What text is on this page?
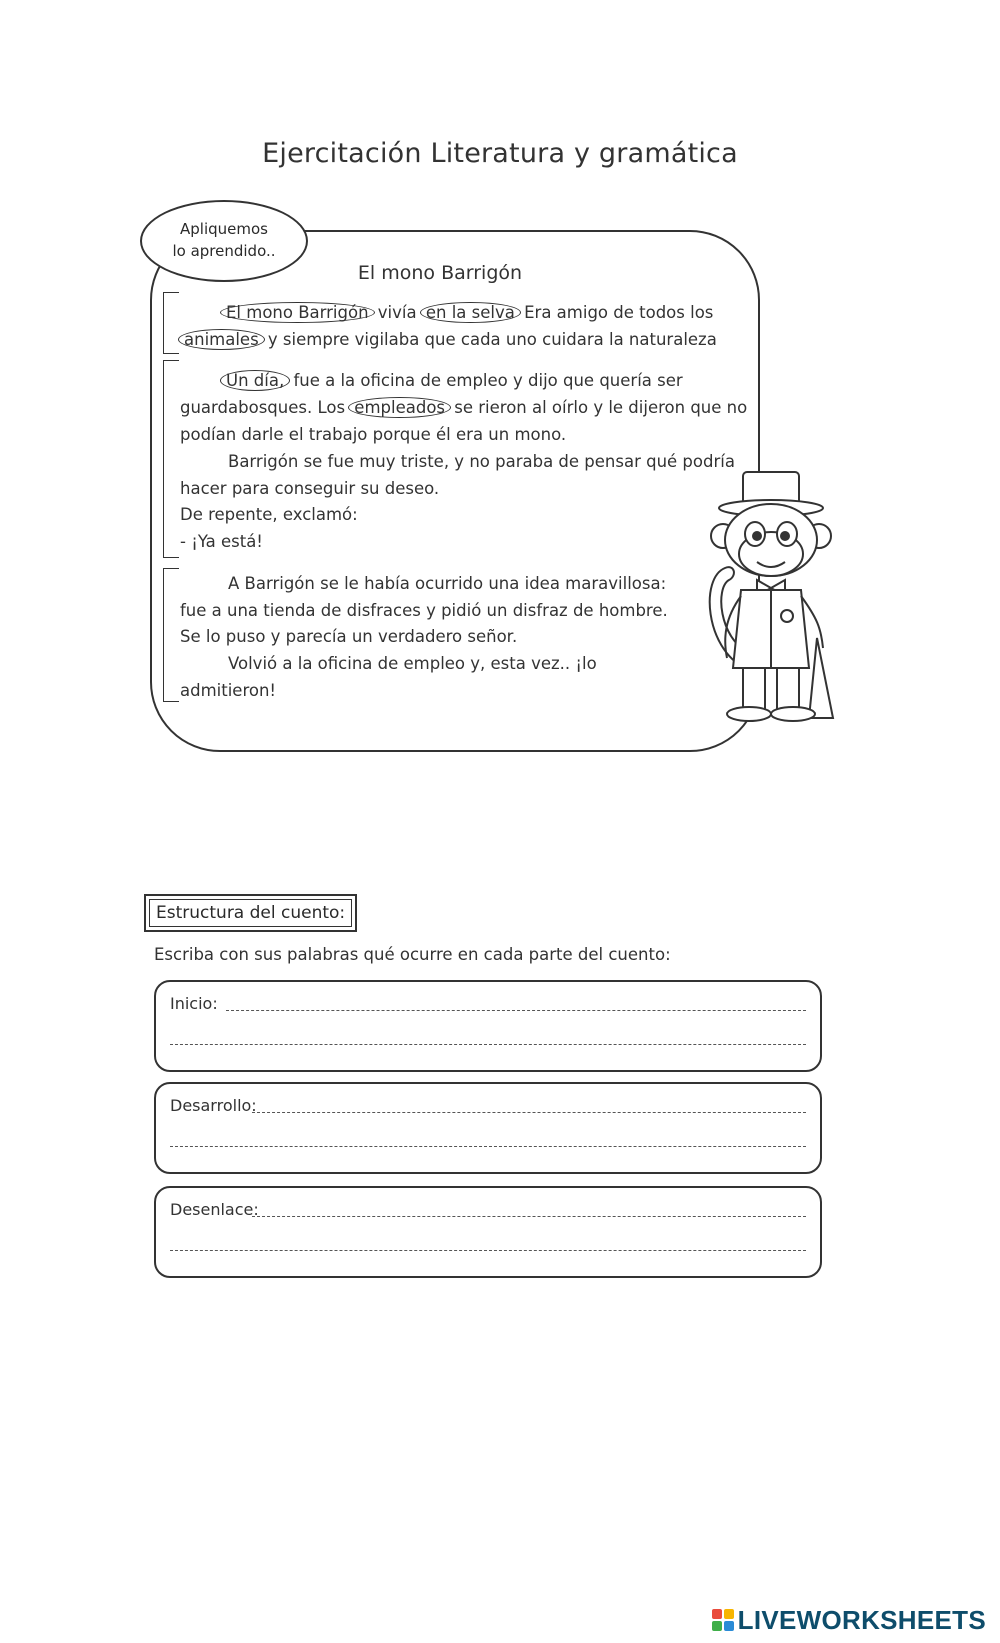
Ejercitación Literatura y gramática
Apliquemos
lo aprendido..
El mono Barrigón
El mono Barrigón vivía en la selva Era amigo de todos los
animales y siempre vigilaba que cada uno cuidara la naturaleza
Un día, fue a la oficina de empleo y dijo que quería ser
guardabosques. Los empleados se rieron al oírlo y le dijeron que no
podían darle el trabajo porque él era un mono.
Barrigón se fue muy triste, y no paraba de pensar qué podría
hacer para conseguir su deseo.
De repente, exclamó:
- ¡Ya está!
A Barrigón se le había ocurrido una idea maravillosa:
fue a una tienda de disfraces y pidió un disfraz de hombre.
Se lo puso y parecía un verdadero señor.
Volvió a la oficina de empleo y, esta vez.. ¡lo
admitieron!
Estructura del cuento:
Escriba con sus palabras qué ocurre en cada parte del cuento:
Inicio:
Desarrollo:
Desenlace:
LIVEWORKSHEETS
